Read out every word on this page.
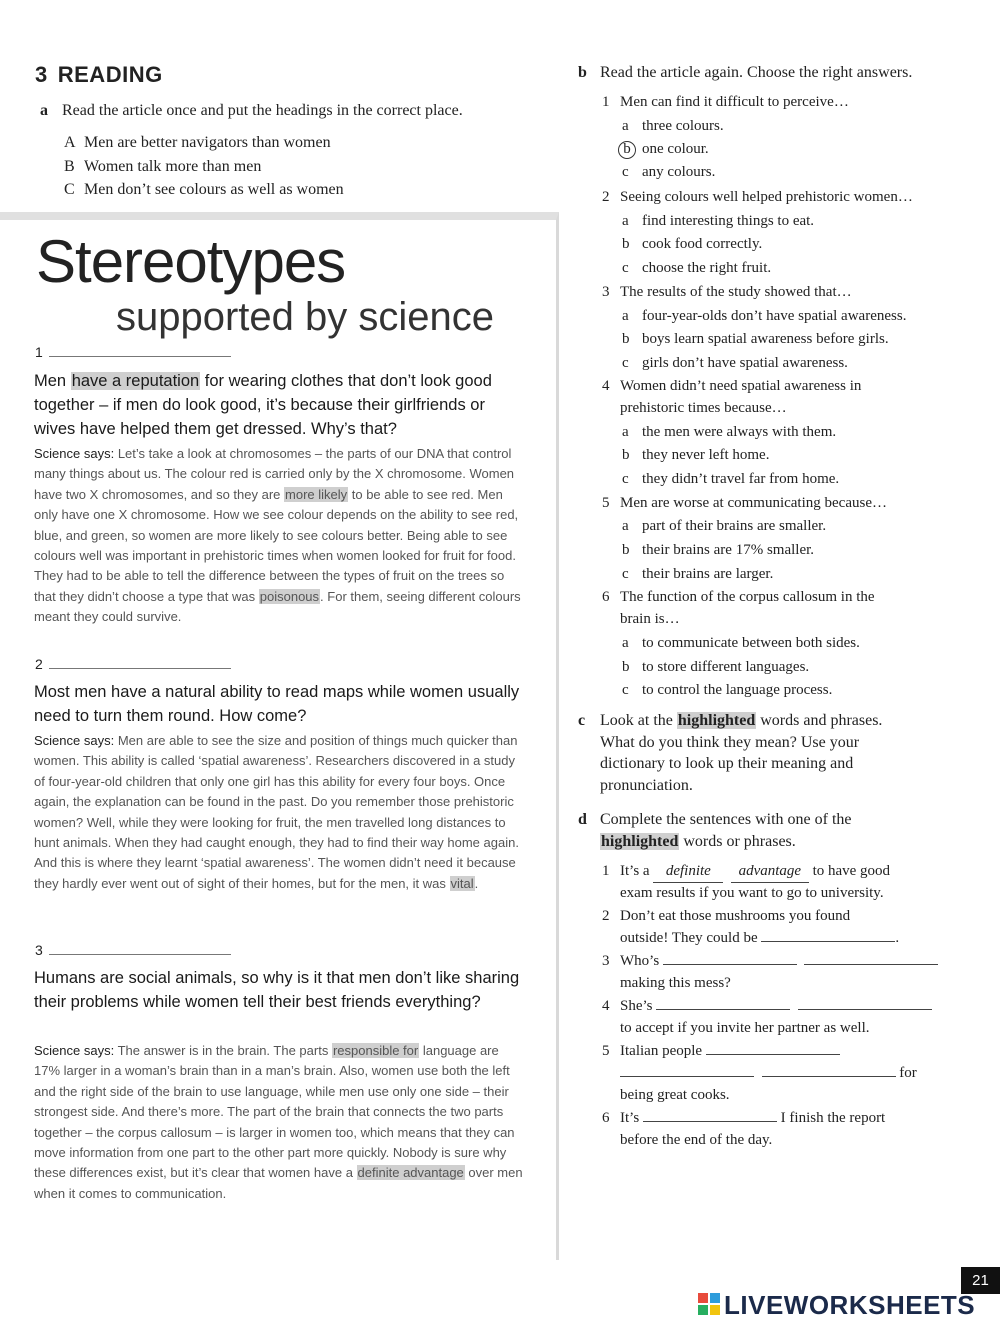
3 READING
a Read the article once and put the headings in the correct place.
A Men are better navigators than women
B Women talk more than men
C Men don’t see colours as well as women
Stereotypes
supported by science
1
Men have a reputation for wearing clothes that don’t look good together – if men do look good, it’s because their girlfriends or wives have helped them get dressed. Why’s that?
Science says: Let’s take a look at chromosomes – the parts of our DNA that control many things about us. The colour red is carried only by the X chromosome. Women have two X chromosomes, and so they are more likely to be able to see red. Men only have one X chromosome. How we see colour depends on the ability to see red, blue, and green, so women are more likely to see colours better. Being able to see colours well was important in prehistoric times when women looked for fruit for food. They had to be able to tell the difference between the types of fruit on the trees so that they didn’t choose a type that was poisonous. For them, seeing different colours meant they could survive.
2
Most men have a natural ability to read maps while women usually need to turn them round. How come?
Science says: Men are able to see the size and position of things much quicker than women. This ability is called ‘spatial awareness’. Researchers discovered in a study of four-year-old children that only one girl has this ability for every four boys. Once again, the explanation can be found in the past. Do you remember those prehistoric women? Well, while they were looking for fruit, the men travelled long distances to hunt animals. When they had caught enough, they had to find their way home again. And this is where they learnt ‘spatial awareness’. The women didn’t need it because they hardly ever went out of sight of their homes, but for the men, it was vital.
3
Humans are social animals, so why is it that men don’t like sharing their problems while women tell their best friends everything?
Science says: The answer is in the brain. The parts responsible for language are 17% larger in a woman’s brain than in a man’s brain. Also, women use both the left and the right side of the brain to use language, while men use only one side – their strongest side. And there’s more. The part of the brain that connects the two parts together – the corpus callosum – is larger in women too, which means that they can move information from one part to the other part more quickly. Nobody is sure why these differences exist, but it’s clear that women have a definite advantage over men when it comes to communication.
b Read the article again. Choose the right answers.
1 Men can find it difficult to perceive…
a three colours.
b one colour.
c any colours.
2 Seeing colours well helped prehistoric women…
a find interesting things to eat.
b cook food correctly.
c choose the right fruit.
3 The results of the study showed that…
a four-year-olds don’t have spatial awareness.
b boys learn spatial awareness before girls.
c girls don’t have spatial awareness.
4 Women didn’t need spatial awareness in
prehistoric times because…
a the men were always with them.
b they never left home.
c they didn’t travel far from home.
5 Men are worse at communicating because…
a part of their brains are smaller.
b their brains are 17% smaller.
c their brains are larger.
6 The function of the corpus callosum in the
brain is…
a to communicate between both sides.
b to store different languages.
c to control the language process.
c Look at the highlighted words and phrases.
What do you think they mean? Use your
dictionary to look up their meaning and
pronunciation.
d Complete the sentences with one of the
highlighted words or phrases.
1 It’s a definite advantage to have good
exam results if you want to go to university.
2 Don’t eat those mushrooms you found
outside! They could be	.
3 Who’s
making this mess?
4 She’s
to accept if you invite her partner as well.
5 Italian people
for
being great cooks.
6 It’s	I finish the report
before the end of the day.
21
LIVEWORKSHEETS
